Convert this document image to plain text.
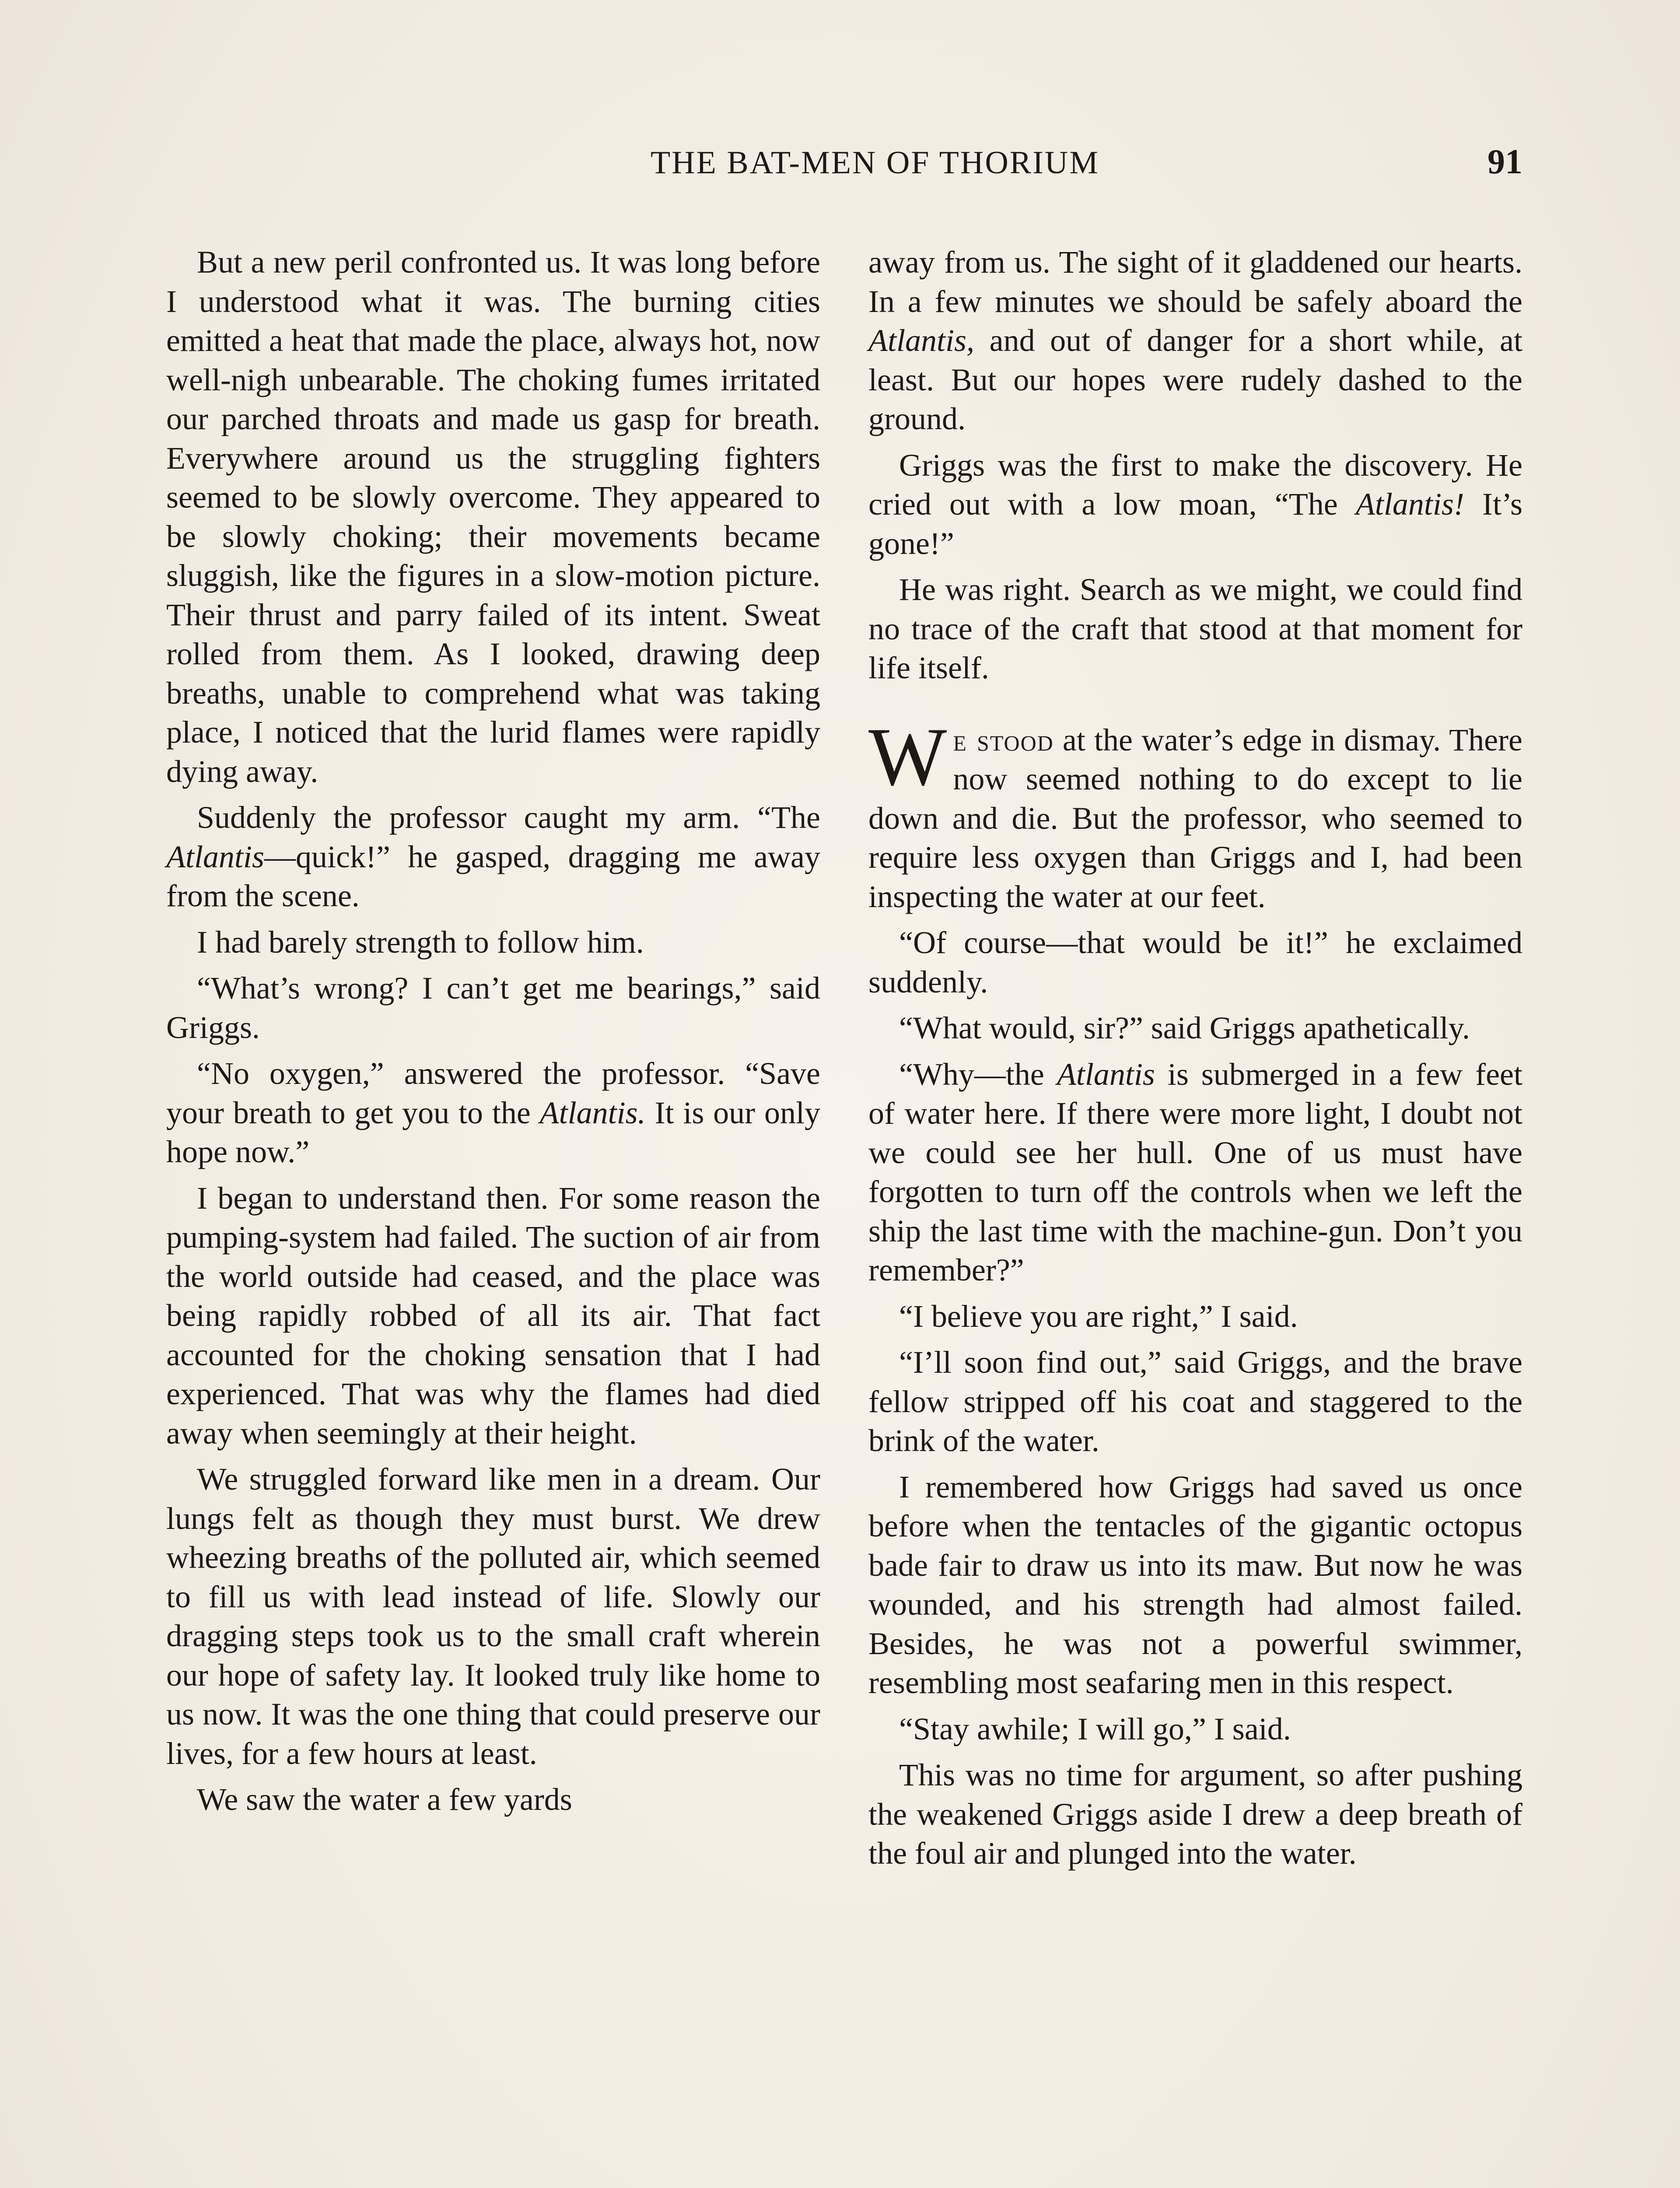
THE BAT-MEN OF THORIUM	91

But a new peril confronted us. It was long before I understood what it was. The burning cities emitted a heat that made the place, always hot, now well-nigh unbearable. The choking fumes irritated our parched throats and made us gasp for breath. Everywhere around us the struggling fighters seemed to be slowly overcome. They appeared to be slowly choking; their movements became sluggish, like the figures in a slow-motion picture. Their thrust and parry failed of its intent. Sweat rolled from them. As I looked, drawing deep breaths, unable to comprehend what was taking place, I noticed that the lurid flames were rapidly dying away.

Suddenly the professor caught my arm. “The Atlantis—quick!” he gasped, dragging me away from the scene.

I had barely strength to follow him.

“What’s wrong? I can’t get me bearings,” said Griggs.

“No oxygen,” answered the professor. “Save your breath to get you to the Atlantis. It is our only hope now.”

I began to understand then. For some reason the pumping-system had failed. The suction of air from the world outside had ceased, and the place was being rapidly robbed of all its air. That fact accounted for the choking sensation that I had experienced. That was why the flames had died away when seemingly at their height.

We struggled forward like men in a dream. Our lungs felt as though they must burst. We drew wheezing breaths of the polluted air, which seemed to fill us with lead instead of life. Slowly our dragging steps took us to the small craft wherein our hope of safety lay. It looked truly like home to us now. It was the one thing that could preserve our lives, for a few hours at least.

We saw the water a few yards

away from us. The sight of it gladdened our hearts. In a few minutes we should be safely aboard the Atlantis, and out of danger for a short while, at least. But our hopes were rudely dashed to the ground.

Griggs was the first to make the discovery. He cried out with a low moan, “The Atlantis! It’s gone!”

He was right. Search as we might, we could find no trace of the craft that stood at that moment for life itself.

We stood at the water’s edge in dismay. There now seemed nothing to do except to lie down and die. But the professor, who seemed to require less oxygen than Griggs and I, had been inspecting the water at our feet.

“Of course—that would be it!” he exclaimed suddenly.

“What would, sir?” said Griggs apathetically.

“Why—the Atlantis is submerged in a few feet of water here. If there were more light, I doubt not we could see her hull. One of us must have forgotten to turn off the controls when we left the ship the last time with the machine-gun. Don’t you remember?”

“I believe you are right,” I said.

“I’ll soon find out,” said Griggs, and the brave fellow stripped off his coat and staggered to the brink of the water.

I remembered how Griggs had saved us once before when the tentacles of the gigantic octopus bade fair to draw us into its maw. But now he was wounded, and his strength had almost failed. Besides, he was not a powerful swimmer, resembling most seafaring men in this respect.

“Stay awhile; I will go,” I said.

This was no time for argument, so after pushing the weakened Griggs aside I drew a deep breath of the foul air and plunged into the water.
